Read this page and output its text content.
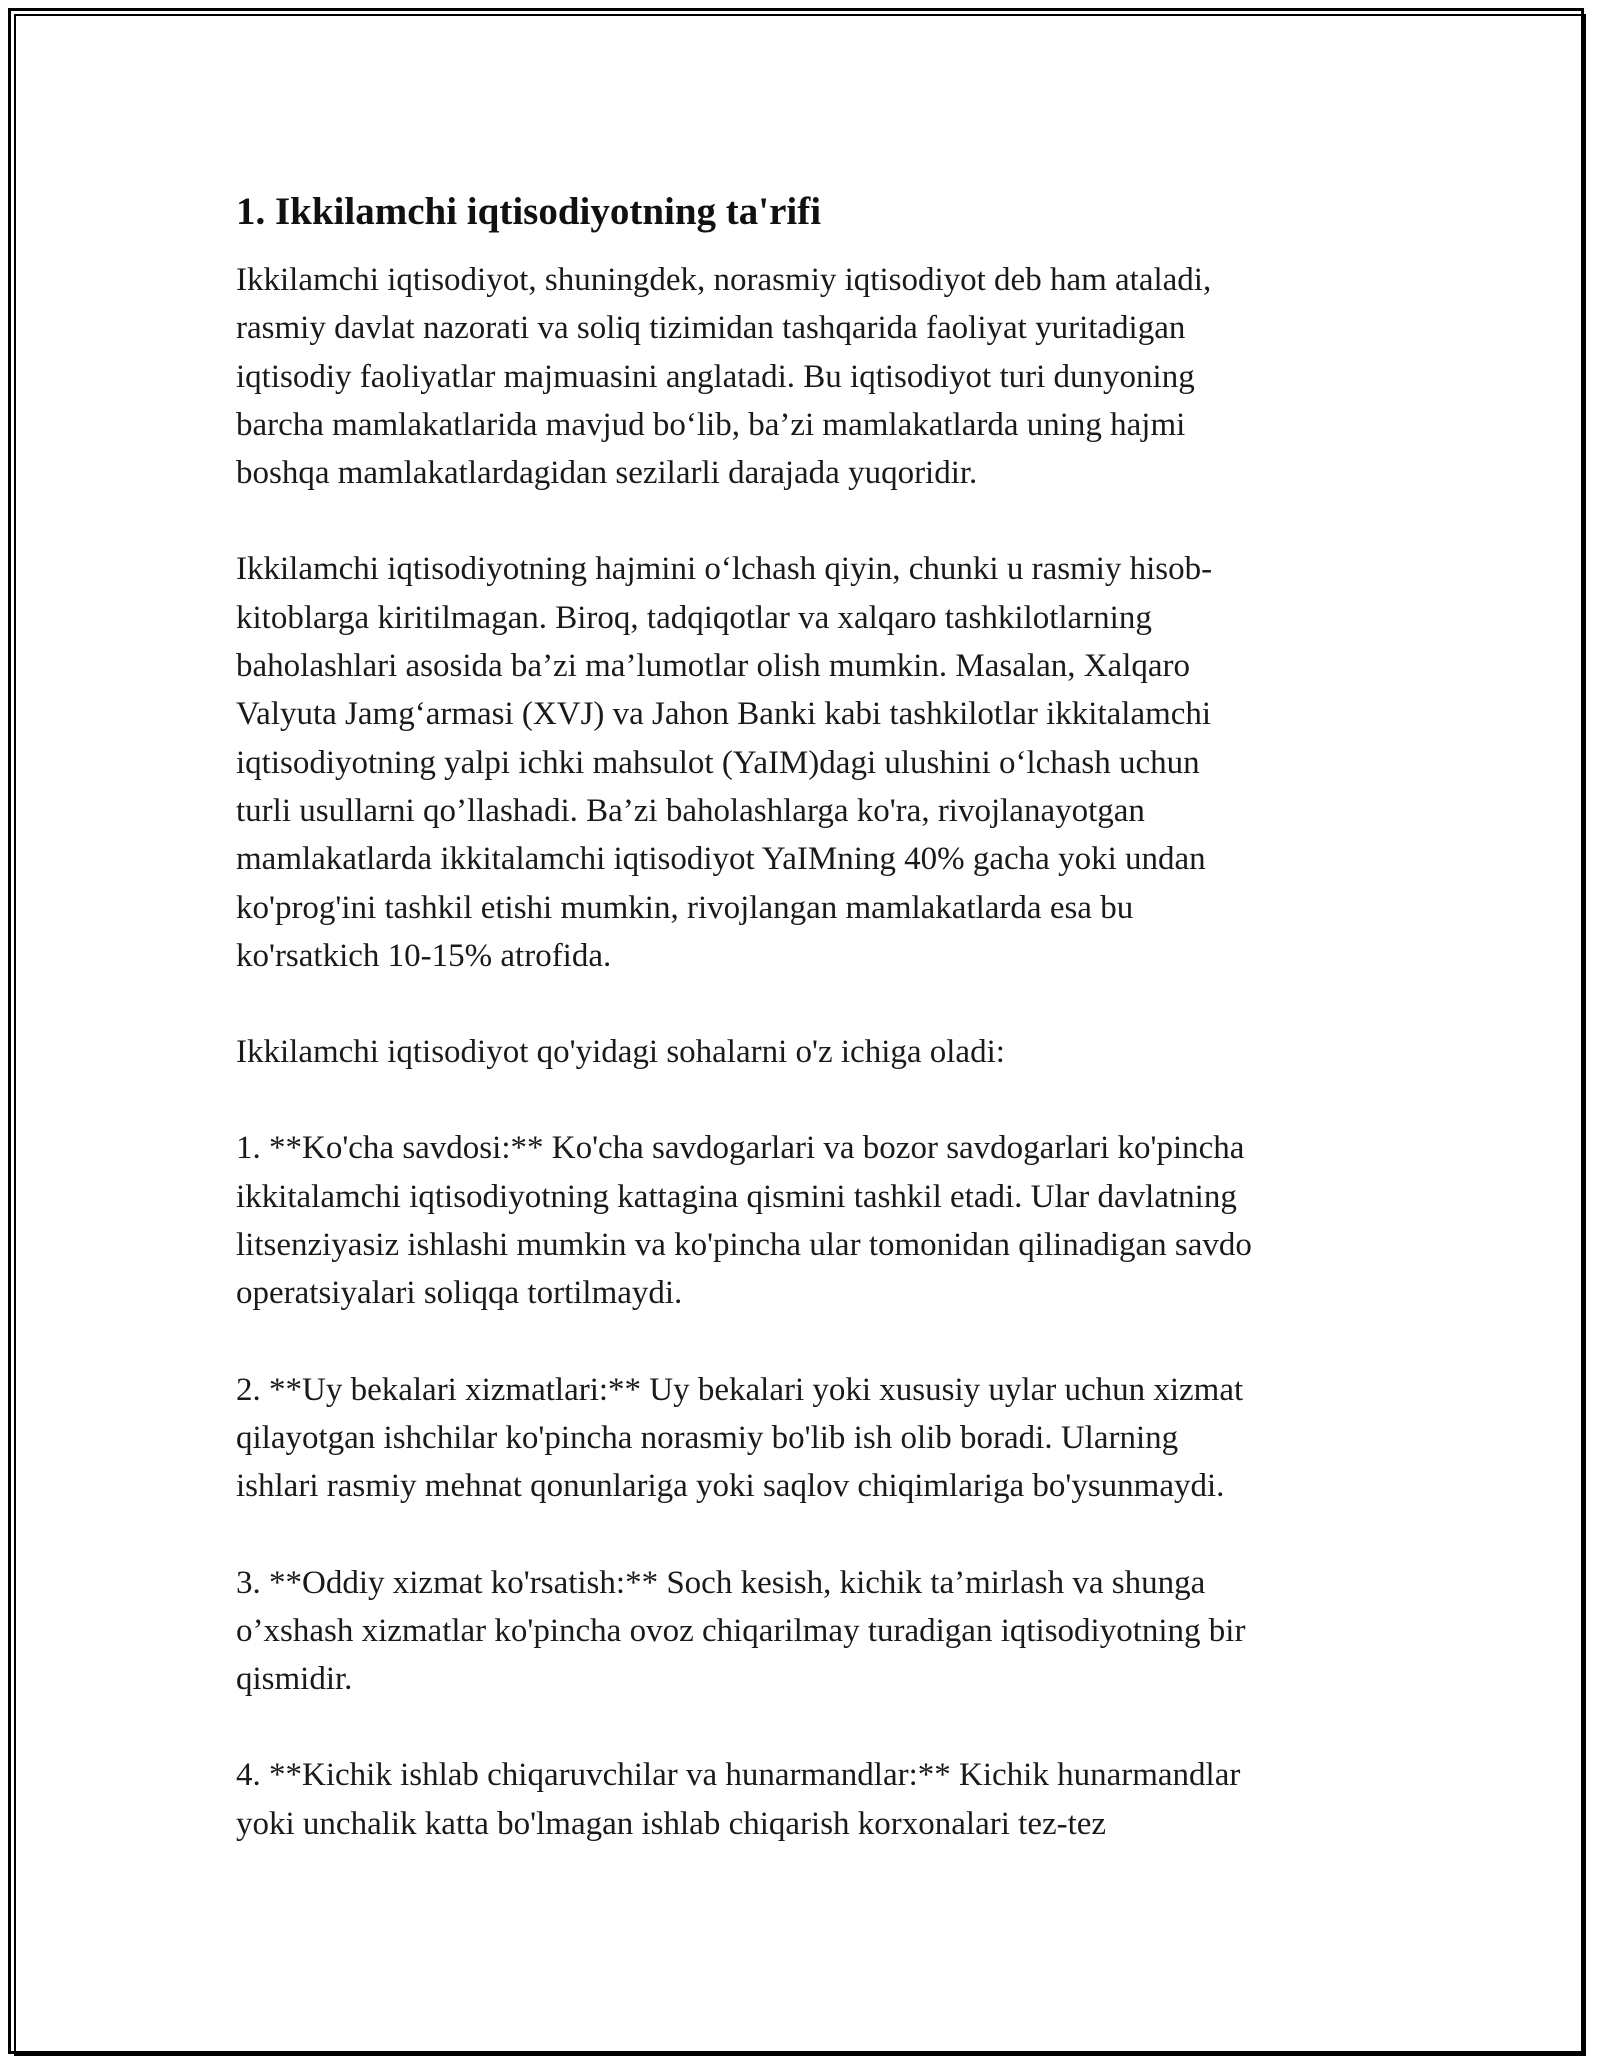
1. Ikkilamchi iqtisodiyotning ta'rifi

Ikkilamchi iqtisodiyot, shuningdek, norasmiy iqtisodiyot deb ham ataladi,
rasmiy davlat nazorati va soliq tizimidan tashqarida faoliyat yuritadigan
iqtisodiy faoliyatlar majmuasini anglatadi. Bu iqtisodiyot turi dunyoning
barcha mamlakatlarida mavjud bo‘lib, ba’zi mamlakatlarda uning hajmi
boshqa mamlakatlardagidan sezilarli darajada yuqoridir.

Ikkilamchi iqtisodiyotning hajmini o‘lchash qiyin, chunki u rasmiy hisob-
kitoblarga kiritilmagan. Biroq, tadqiqotlar va xalqaro tashkilotlarning
baholashlari asosida ba’zi ma’lumotlar olish mumkin. Masalan, Xalqaro
Valyuta Jamg‘armasi (XVJ) va Jahon Banki kabi tashkilotlar ikkitalamchi
iqtisodiyotning yalpi ichki mahsulot (YaIM)dagi ulushini o‘lchash uchun
turli usullarni qo’llashadi. Ba’zi baholashlarga ko'ra, rivojlanayotgan
mamlakatlarda ikkitalamchi iqtisodiyot YaIMning 40% gacha yoki undan
ko'prog'ini tashkil etishi mumkin, rivojlangan mamlakatlarda esa bu
ko'rsatkich 10-15% atrofida.

Ikkilamchi iqtisodiyot qo'yidagi sohalarni o'z ichiga oladi:

1. **Ko'cha savdosi:** Ko'cha savdogarlari va bozor savdogarlari ko'pincha
ikkitalamchi iqtisodiyotning kattagina qismini tashkil etadi. Ular davlatning
litsenziyasiz ishlashi mumkin va ko'pincha ular tomonidan qilinadigan savdo
operatsiyalari soliqqa tortilmaydi.

2. **Uy bekalari xizmatlari:** Uy bekalari yoki xususiy uylar uchun xizmat
qilayotgan ishchilar ko'pincha norasmiy bo'lib ish olib boradi. Ularning
ishlari rasmiy mehnat qonunlariga yoki saqlov chiqimlariga bo'ysunmaydi.

3. **Oddiy xizmat ko'rsatish:** Soch kesish, kichik ta’mirlash va shunga
o’xshash xizmatlar ko'pincha ovoz chiqarilmay turadigan iqtisodiyotning bir
qismidir.

4. **Kichik ishlab chiqaruvchilar va hunarmandlar:** Kichik hunarmandlar
yoki unchalik katta bo'lmagan ishlab chiqarish korxonalari tez-tez
